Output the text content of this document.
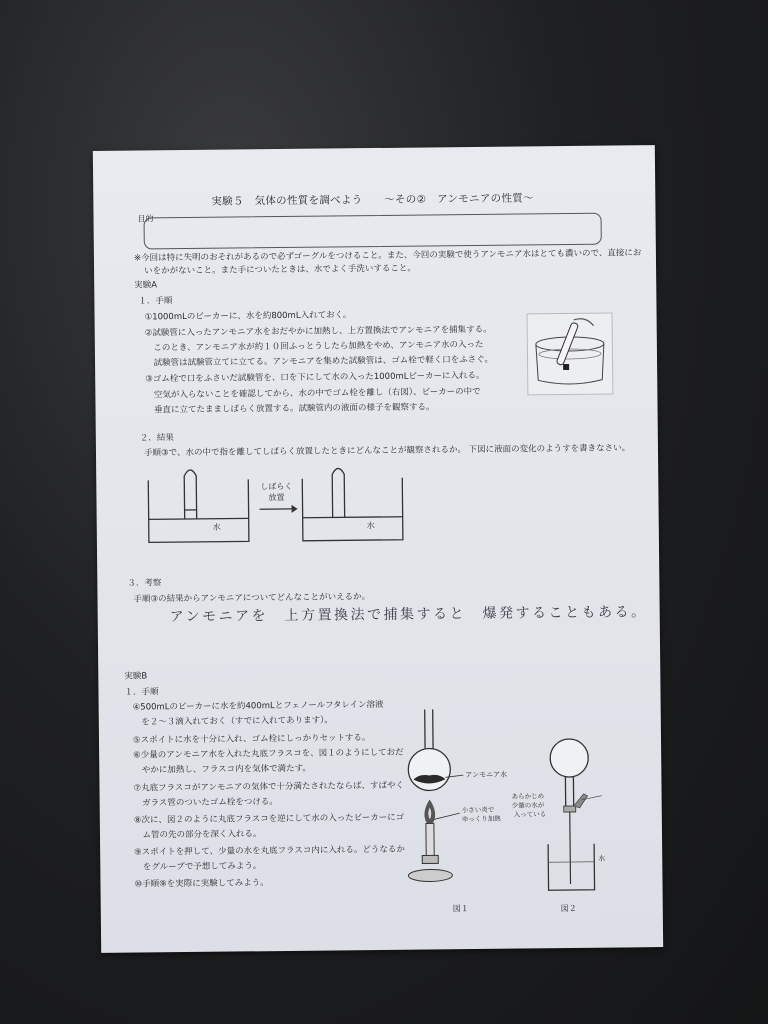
実験５　気体の性質を調べよう　　～その②　アンモニアの性質～
目的
※今回は特に失明のおそれがあるので必ずゴーグルをつけること。また、今回の実験で使うアンモニア水はとても濃いので、直接にお
いをかがないこと。また手についたときは、水でよく手洗いすること。
実験A
１．手順
①1000mLのビーカーに、水を約800mL入れておく。
②試験管に入ったアンモニア水をおだやかに加熱し、上方置換法でアンモニアを捕集する。
　このとき、アンモニア水が約１０回ふっとうしたら加熱をやめ、アンモニア水の入った
　試験管は試験管立てに立てる。アンモニアを集めた試験管は、ゴム栓で軽く口をふさぐ。
③ゴム栓で口をふさいだ試験管を、口を下にして水の入った1000mLビーカーに入れる。
　空気が入らないことを確認してから、水の中でゴム栓を離し（右図）、ビーカーの中で
　垂直に立てたまましばらく放置する。試験管内の液面の様子を観察する。
２．結果
手順③で、水の中で指を離してしばらく放置したときにどんなことが観察されるか。 下図に液面の変化のようすを書きなさい。
水
しばらく
放置
水
３．考察
手順③の結果からアンモニアについてどんなことがいえるか。
アンモニアを　上方置換法で捕集すると　爆発することもある。
実験B
１．手順
④500mLのビーカーに水を約400mLとフェノールフタレイン溶液
　を２～３滴入れておく（すでに入れてあります）。
⑤スポイトに水を十分に入れ、ゴム栓にしっかりセットする。
⑥少量のアンモニア水を入れた丸底フラスコを、図１のようにしておだ
　やかに加熱し、フラスコ内を気体で満たす。
⑦丸底フラスコがアンモニアの気体で十分満たされたならば、すばやく
　ガラス管のついたゴム栓をつける。
⑧次に、図２のように丸底フラスコを逆にして水の入ったビーカーにゴ
　ム管の先の部分を深く入れる。
⑨スポイトを押して、少量の水を丸底フラスコ内に入れる。どうなるか
　をグループで予想してみよう。
⑩手順⑨を実際に実験してみよう。
アンモニア水
小さい炎で
ゆっくり加熱
図１
あらかじめ
少量の水が
入っている
水
図２
